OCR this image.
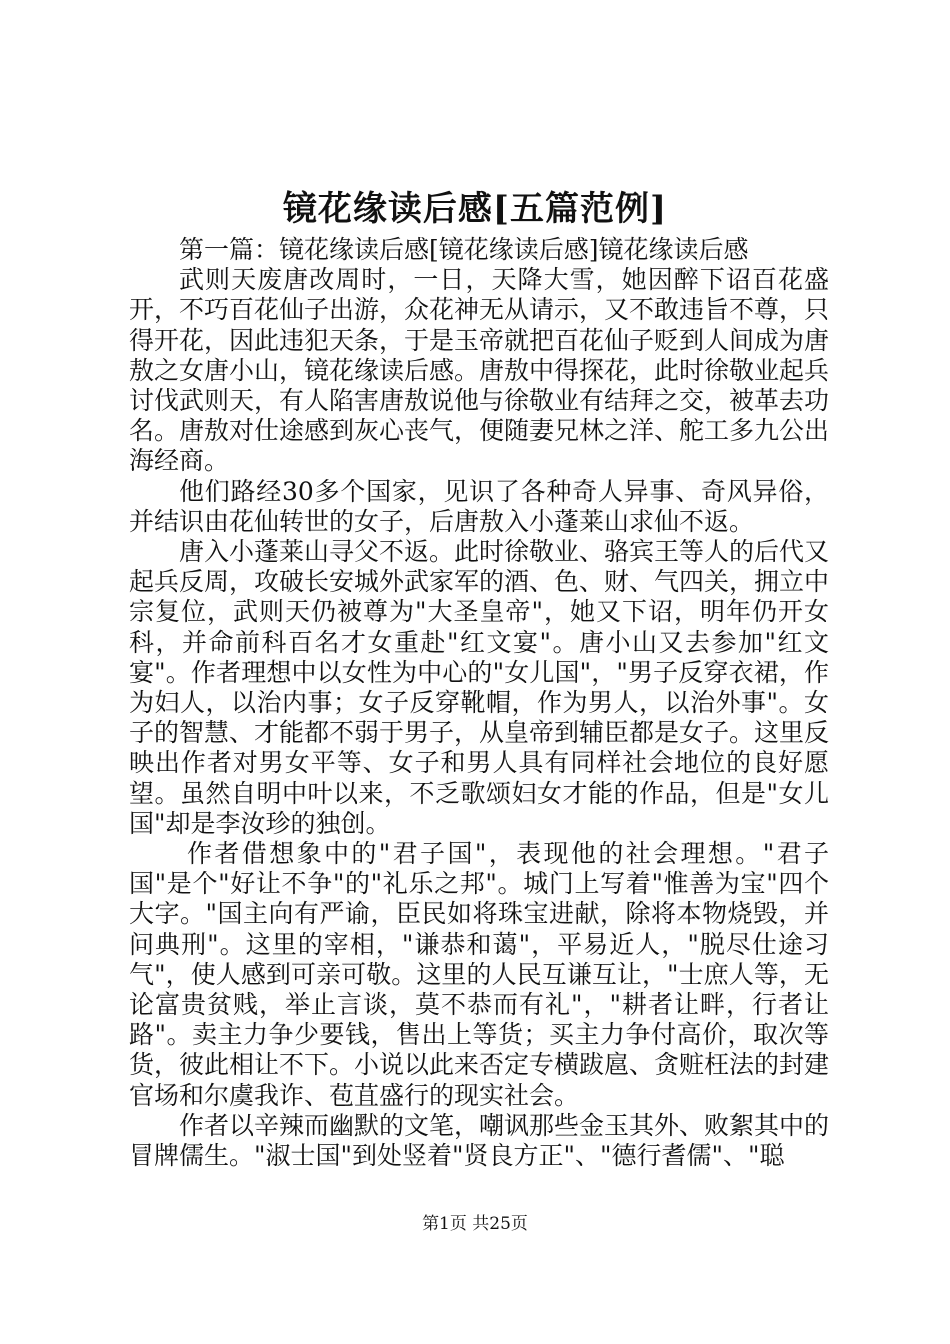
镜花缘读后感[五篇范例]

第一篇：镜花缘读后感[镜花缘读后感]镜花缘读后感

武则天废唐改周时，一日，天降大雪，她因醉下诏百花盛开，不巧百花仙子出游，众花神无从请示，又不敢违旨不尊，只得开花，因此违犯天条，于是玉帝就把百花仙子贬到人间成为唐敖之女唐小山，镜花缘读后感。唐敖中得探花，此时徐敬业起兵讨伐武则天，有人陷害唐敖说他与徐敬业有结拜之交，被革去功名。唐敖对仕途感到灰心丧气，便随妻兄林之洋、舵工多九公出海经商。

他们路经30多个国家，见识了各种奇人异事、奇风异俗，并结识由花仙转世的女子，后唐敖入小蓬莱山求仙不返。

唐入小蓬莱山寻父不返。此时徐敬业、骆宾王等人的后代又起兵反周，攻破长安城外武家军的酒、色、财、气四关，拥立中宗复位，武则天仍被尊为"大圣皇帝"，她又下诏，明年仍开女科，并命前科百名才女重赴"红文宴"。唐小山又去参加"红文宴"。作者理想中以女性为中心的"女儿国"，"男子反穿衣裙，作为妇人，以治内事；女子反穿靴帽，作为男人，以治外事"。女子的智慧、才能都不弱于男子，从皇帝到辅臣都是女子。这里反映出作者对男女平等、女子和男人具有同样社会地位的良好愿望。虽然自明中叶以来，不乏歌颂妇女才能的作品，但是"女儿国"却是李汝珍的独创。

作者借想象中的"君子国"，表现他的社会理想。"君子国"是个"好让不争"的"礼乐之邦"。城门上写着"惟善为宝"四个大字。"国主向有严谕，臣民如将珠宝进献，除将本物烧毁，并问典刑"。这里的宰相，"谦恭和蔼"，平易近人，"脱尽仕途习气"，使人感到可亲可敬。这里的人民互谦互让，"士庶人等，无论富贵贫贱，举止言谈，莫不恭而有礼"，"耕者让畔，行者让路"。卖主力争少要钱，售出上等货；买主力争付高价，取次等货，彼此相让不下。小说以此来否定专横跋扈、贪赃枉法的封建官场和尔虞我诈、苞苴盛行的现实社会。

作者以辛辣而幽默的文笔，嘲讽那些金玉其外、败絮其中的冒牌儒生。"淑士国"到处竖着"贤良方正"、"德行耆儒"、"聪

第1页 共25页
